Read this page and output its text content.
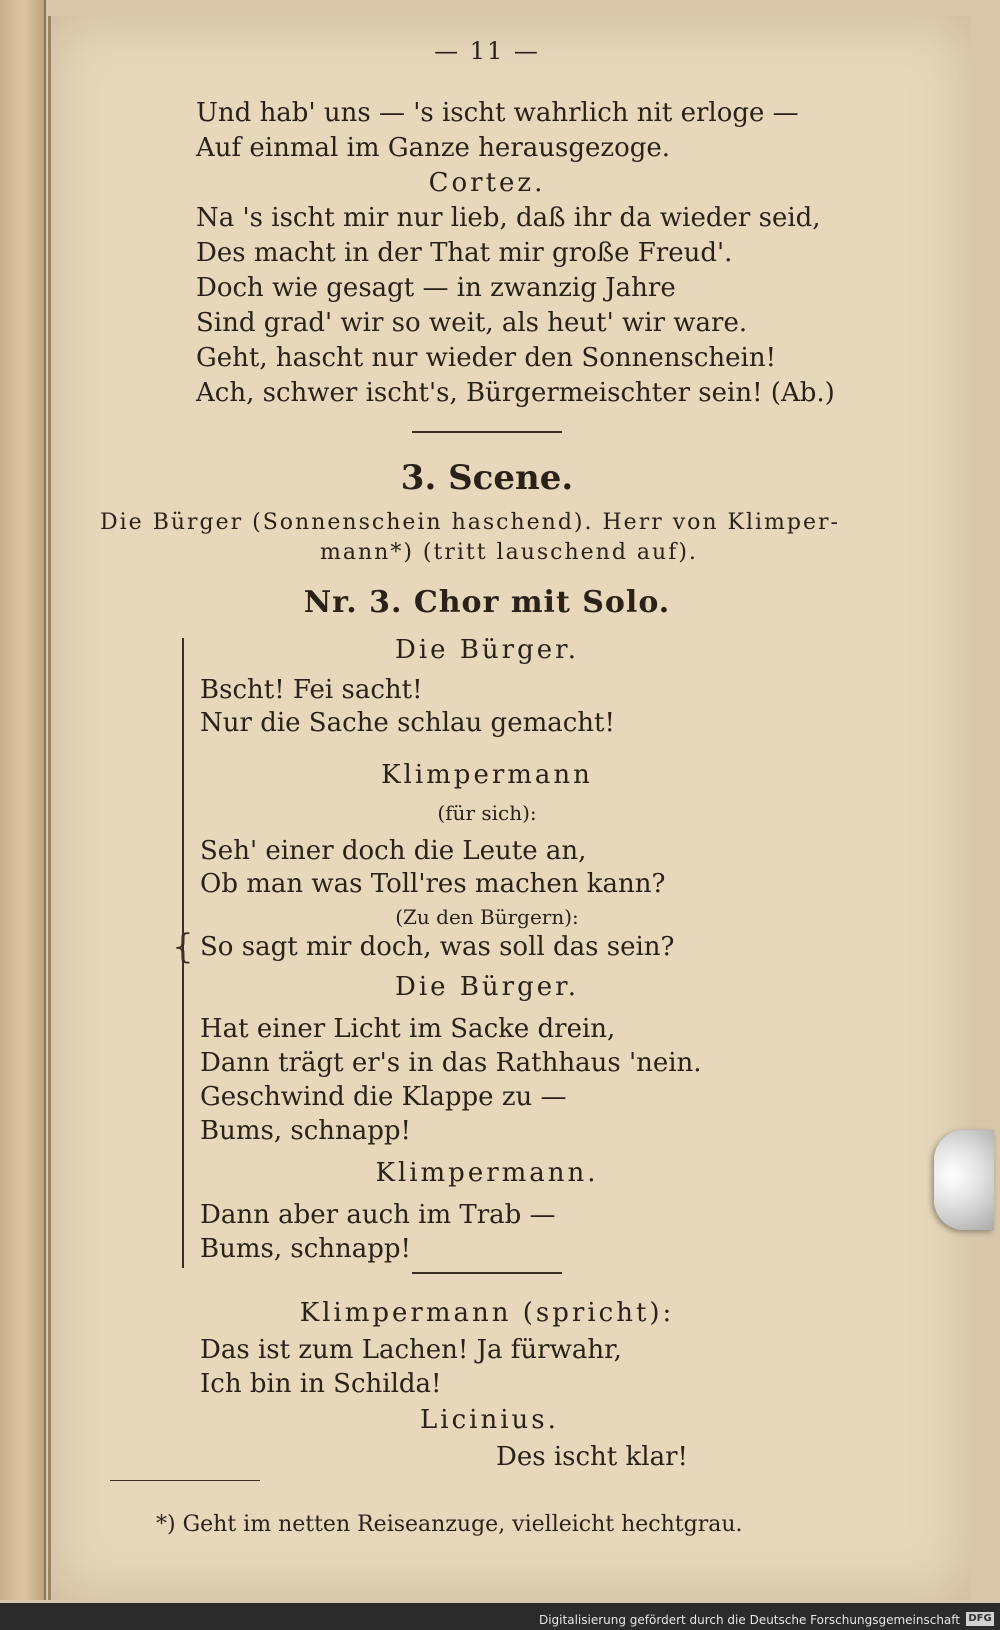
— 11 —
Und hab' uns — 's ischt wahrlich nit erloge —
Auf einmal im Ganze herausgezoge.
Cortez.
Na 's ischt mir nur lieb, daß ihr da wieder seid,
Des macht in der That mir große Freud'.
Doch wie gesagt — in zwanzig Jahre
Sind grad' wir so weit, als heut' wir ware.
Geht, hascht nur wieder den Sonnenschein!
Ach, schwer ischt's, Bürgermeischter sein! (Ab.)
3. Scene.
Die Bürger (Sonnenschein haschend). Herr von Klimper-
mann*) (tritt lauschend auf).
Nr. 3. Chor mit Solo.
{
Die Bürger.
Bscht! Fei sacht!
Nur die Sache schlau gemacht!
Klimpermann
(für sich):
Seh' einer doch die Leute an,
Ob man was Toll'res machen kann?
(Zu den Bürgern):
So sagt mir doch, was soll das sein?
Die Bürger.
Hat einer Licht im Sacke drein,
Dann trägt er's in das Rathhaus 'nein.
Geschwind die Klappe zu —
Bums, schnapp!
Klimpermann.
Dann aber auch im Trab —
Bums, schnapp!
Klimpermann (spricht):
Das ist zum Lachen! Ja fürwahr,
Ich bin in Schilda!
Licinius.
Des ischt klar!
*) Geht im netten Reiseanzuge, vielleicht hechtgrau.
Digitalisierung gefördert durch die Deutsche Forschungsgemeinschaft DFG
